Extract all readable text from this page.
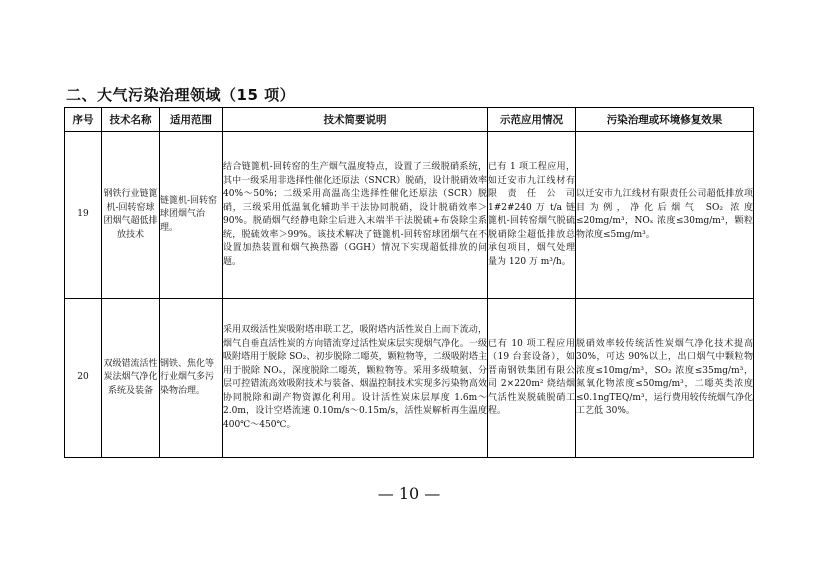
二、大气污染治理领域（15 项）
序号	技术名称	适用范围	技术简要说明	示范应用情况	污染治理或环境修复效果
19	钢铁行业链篦机-回转窑球团烟气超低排放技术	链篦机-回转窑球团烟气治理。	结合链篦机-回转窑的生产烟气温度特点，设置了三级脱硝系统，其中一级采用非选择性催化还原法（SNCR）脱硝，设计脱硝效率 40%～50%；二级采用高温高尘选择性催化还原法（SCR）脱硝，三级采用低温氧化辅助半干法协同脱硝，设计脱硝效率＞90%。脱硝烟气经静电除尘后进入末端半干法脱硫+布袋除尘系统，脱硫效率＞99%。该技术解决了链篦机-回转窑球团烟气在不设置加热装置和烟气换热器（GGH）情况下实现超低排放的问题。	已有 1 项工程应用，如迁安市九江线材有限责任公司 1#2#240 万 t/a 链篦机-回转窑烟气脱硫脱硝除尘超低排放总承包项目，烟气处理量为 120 万 m³/h。	以迁安市九江线材有限责任公司超低排放项目为例，净化后烟气 SO₂ 浓度≤20mg/m³，NOₓ 浓度≤30mg/m³，颗粒物浓度≤5mg/m³。
20	双级错流活性炭法烟气净化系统及装备	钢铁、焦化等行业烟气多污染物治理。	采用双级活性炭吸附塔串联工艺，吸附塔内活性炭自上而下流动，烟气自垂直活性炭的方向错流穿过活性炭床层实现烟气净化。一级吸附塔用于脱除 SO₂、初步脱除二噁英，颗粒物等，二级吸附塔主用于脱除 NOₓ，深度脱除二噁英，颗粒物等。采用多级喷氨、分层可控错流高效吸附技术与装备、烟温控制技术实现多污染物高效协同脱除和副产物资源化利用。设计活性炭床层厚度 1.6m～2.0m，设计空塔流速 0.10m/s～0.15m/s，活性炭解析再生温度 400℃～450℃。	已有 10 项工程应用（19 台套设备），如晋南钢铁集团有限公司 2×220m² 烧结烟气活性炭脱硫脱硝工程。	脱硝效率较传统活性炭烟气净化技术提高 30%，可达 90%以上，出口烟气中颗粒物浓度≤10mg/m³，SO₂ 浓度≤35mg/m³，氮氧化物浓度≤50mg/m³，二噁英类浓度≤0.1ngTEQ/m³，运行费用较传统烟气净化工艺低 30%。
— 10 —
